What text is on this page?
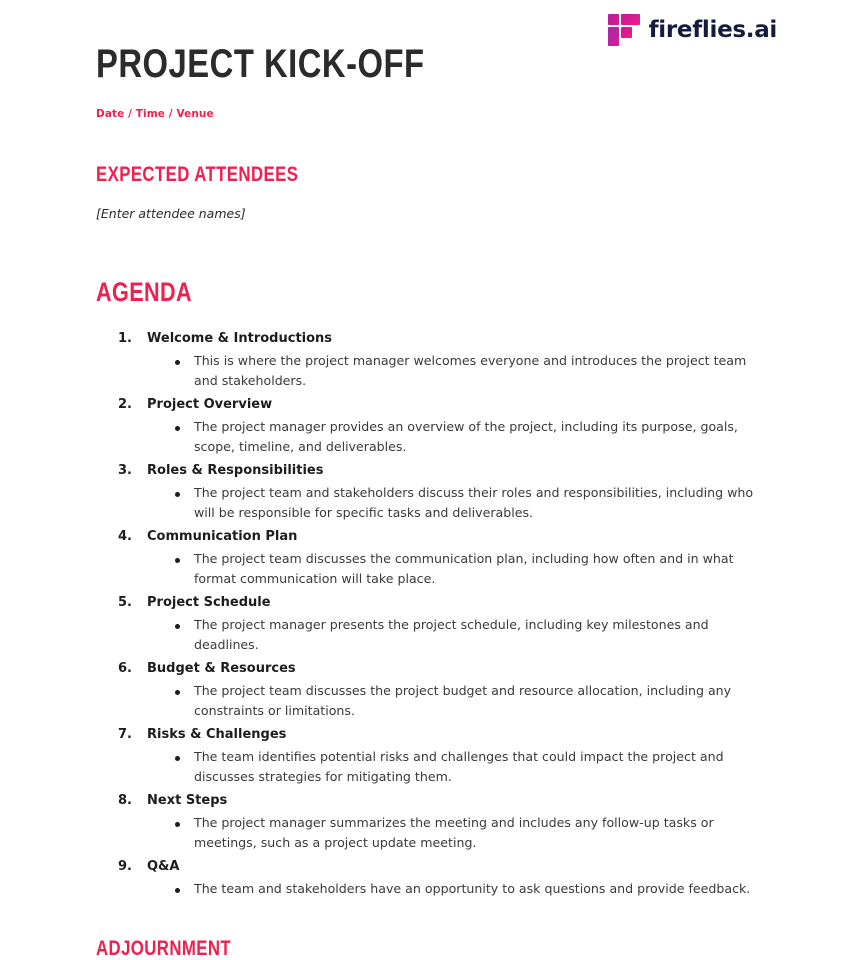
fireflies.ai
PROJECT KICK-OFF

Date / Time / Venue

EXPECTED ATTENDEES

[Enter attendee names]

AGENDA
1. Welcome & Introductions
This is where the project manager welcomes everyone and introduces the project team and stakeholders.
2. Project Overview
The project manager provides an overview of the project, including its purpose, goals, scope, timeline, and deliverables.
3. Roles & Responsibilities
The project team and stakeholders discuss their roles and responsibilities, including who will be responsible for specific tasks and deliverables.
4. Communication Plan
The project team discusses the communication plan, including how often and in what format communication will take place.
5. Project Schedule
The project manager presents the project schedule, including key milestones and deadlines.
6. Budget & Resources
The project team discusses the project budget and resource allocation, including any constraints or limitations.
7. Risks & Challenges
The team identifies potential risks and challenges that could impact the project and discusses strategies for mitigating them.
8. Next Steps
The project manager summarizes the meeting and includes any follow-up tasks or meetings, such as a project update meeting.
9. Q&A
The team and stakeholders have an opportunity to ask questions and provide feedback.
ADJOURNMENT
